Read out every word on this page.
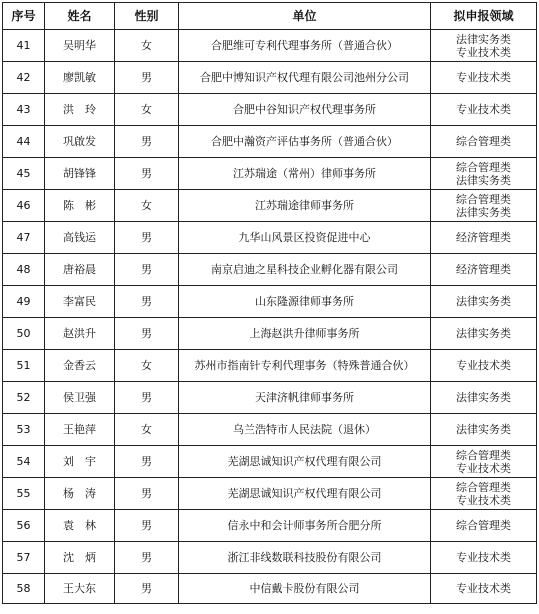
序号	姓名	性别	单位	拟申报领域
41	吴明华	女	合肥维可专利代理事务所（普通合伙）	法律实务类
专业技术类

42	廖凯敏	男	合肥中博知识产权代理有限公司池州分公司	专业技术类

43	洪　玲	女	合肥中谷知识产权代理事务所	专业技术类

44	巩啟发	男	合肥中瀚资产评估事务所（普通合伙）	综合管理类

45	胡锋锋	男	江苏瑞途（常州）律师事务所	综合管理类
法律实务类

46	陈　彬	女	江苏瑞途律师事务所	综合管理类
法律实务类

47	高钱运	男	九华山风景区投资促进中心	经济管理类

48	唐裕晨	男	南京启迪之星科技企业孵化器有限公司	经济管理类

49	李富民	男	山东隆源律师事务所	法律实务类

50	赵洪升	男	上海赵洪升律师事务所	法律实务类

51	金香云	女	苏州市指南针专利代理事务（特殊普通合伙）	专业技术类

52	侯卫强	男	天津济帆律师事务所	法律实务类

53	王艳萍	女	乌兰浩特市人民法院（退休）	法律实务类

54	刘　宇	男	芜湖思诚知识产权代理有限公司	综合管理类
专业技术类

55	杨　涛	男	芜湖思诚知识产权代理有限公司	综合管理类
专业技术类

56	袁　林	男	信永中和会计师事务所合肥分所	综合管理类

57	沈　炳	男	浙江非线数联科技股份有限公司	专业技术类

58	王大东	男	中信戴卡股份有限公司	专业技术类
